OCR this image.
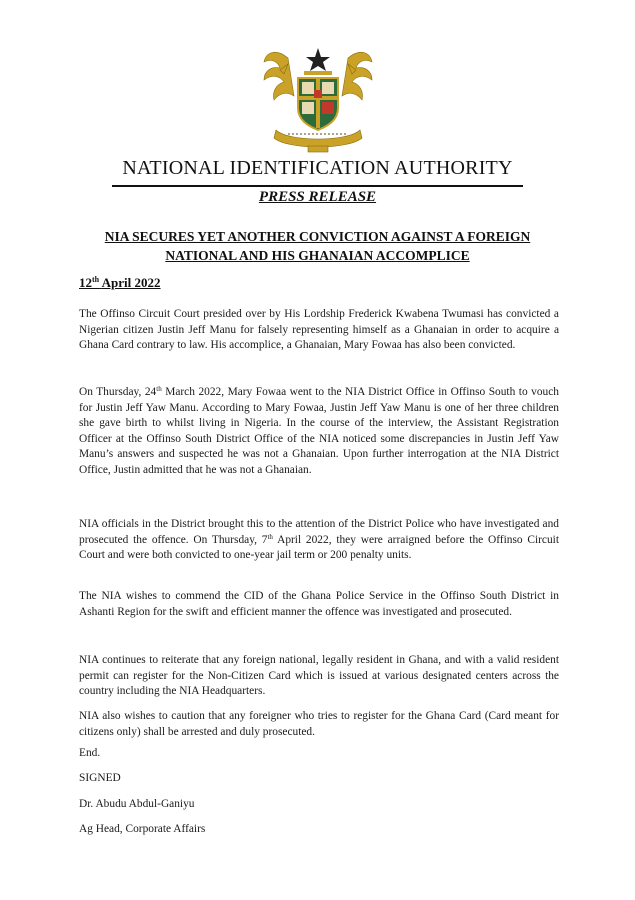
NATIONAL IDENTIFICATION AUTHORITY
PRESS RELEASE
NIA SECURES YET ANOTHER CONVICTION AGAINST A FOREIGN
NATIONAL AND HIS GHANAIAN ACCOMPLICE
12th April 2022
The Offinso Circuit Court presided over by His Lordship Frederick Kwabena Twumasi has convicted a Nigerian citizen Justin Jeff Manu for falsely representing himself as a Ghanaian in order to acquire a Ghana Card contrary to law. His accomplice, a Ghanaian, Mary Fowaa has also been convicted.
On Thursday, 24th March 2022, Mary Fowaa went to the NIA District Office in Offinso South to vouch for Justin Jeff Yaw Manu. According to Mary Fowaa, Justin Jeff Yaw Manu is one of her three children she gave birth to whilst living in Nigeria. In the course of the interview, the Assistant Registration Officer at the Offinso South District Office of the NIA noticed some discrepancies in Justin Jeff Yaw Manu’s answers and suspected he was not a Ghanaian. Upon further interrogation at the NIA District Office, Justin admitted that he was not a Ghanaian.
NIA officials in the District brought this to the attention of the District Police who have investigated and prosecuted the offence. On Thursday, 7th April 2022, they were arraigned before the Offinso Circuit Court and were both convicted to one-year jail term or 200 penalty units.
The NIA wishes to commend the CID of the Ghana Police Service in the Offinso South District in Ashanti Region for the swift and efficient manner the offence was investigated and prosecuted.
NIA continues to reiterate that any foreign national, legally resident in Ghana, and with a valid resident permit can register for the Non-Citizen Card which is issued at various designated centers across the country including the NIA Headquarters.
NIA also wishes to caution that any foreigner who tries to register for the Ghana Card (Card meant for citizens only) shall be arrested and duly prosecuted.
End.
SIGNED
Dr. Abudu Abdul-Ganiyu
Ag Head, Corporate Affairs
